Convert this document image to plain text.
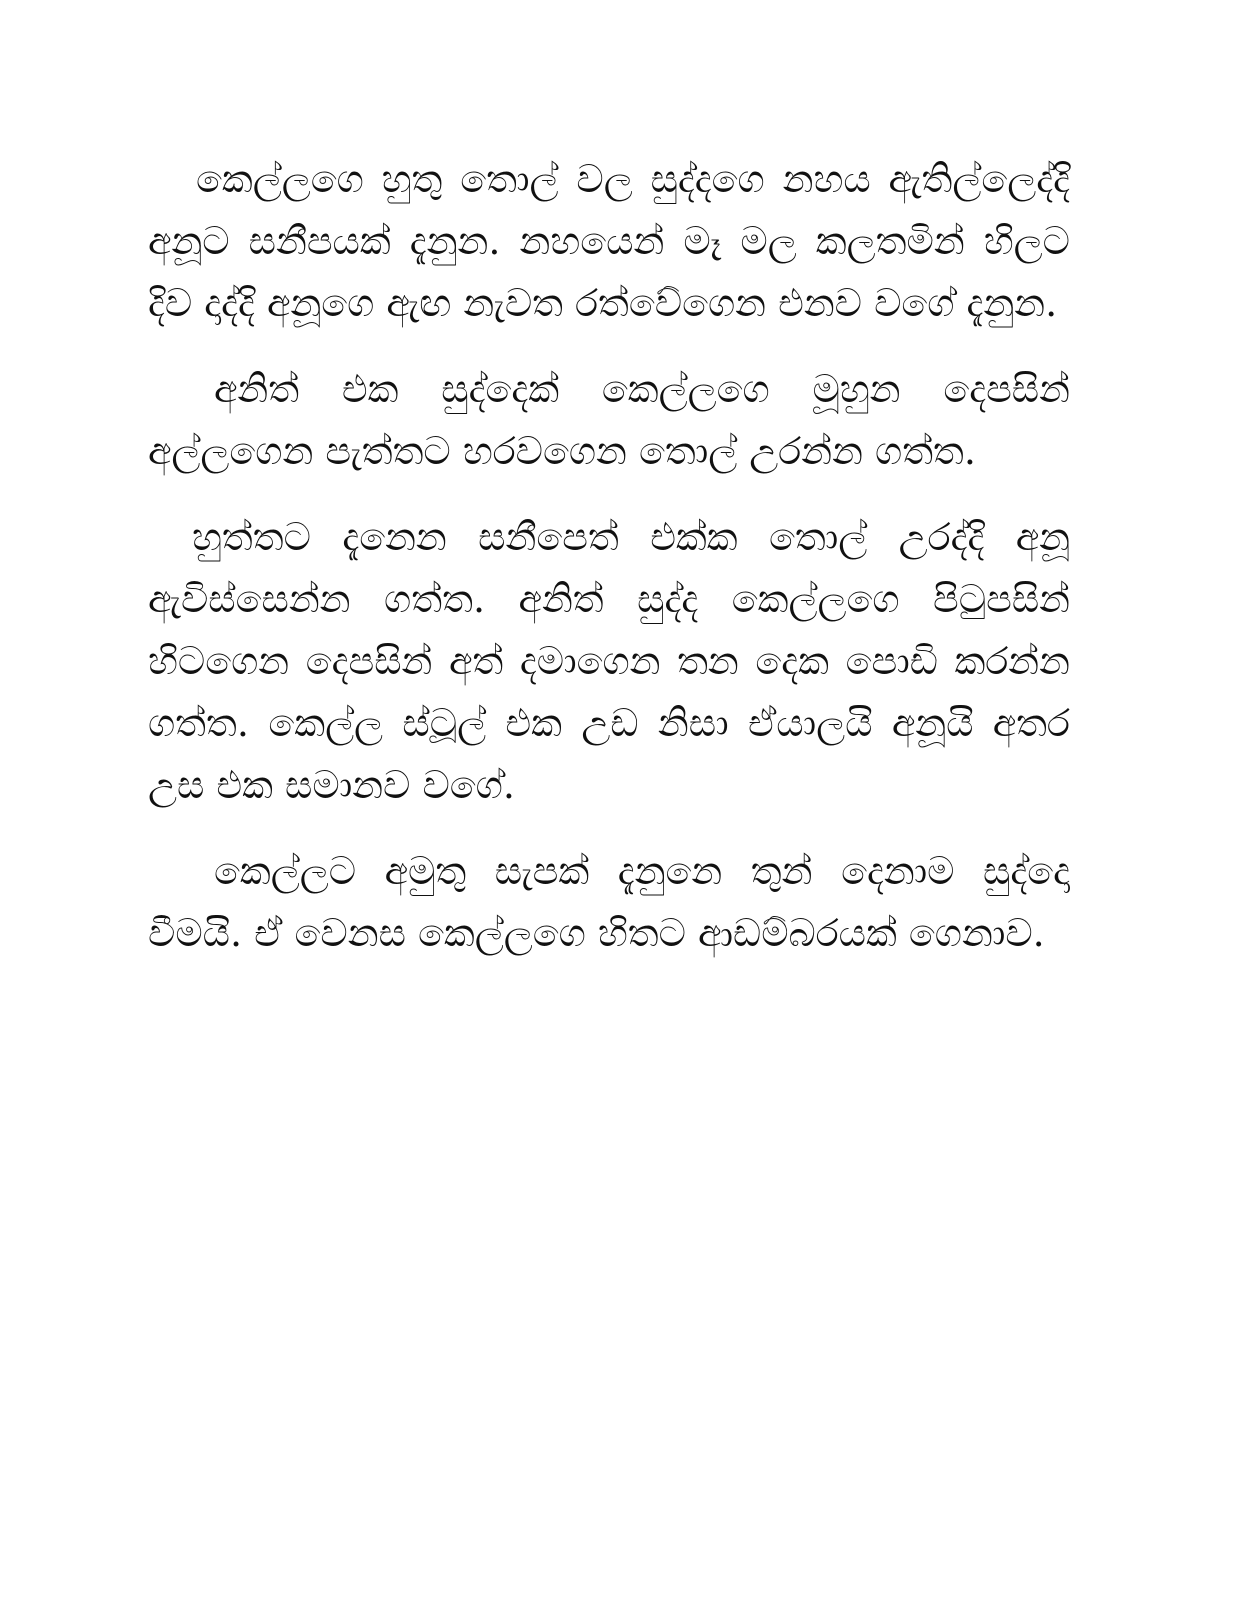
කෙල්ලගෙ හුතු තොල් වල සුද්දගෙ නහය ඇතිල්ලෙද්දි අනූට සනීපයක් දැනුන. නහයෙන් මෑ මල කලතමින් හිලට දිව දාද්දි අනූගෙ ඇඟ නැවත රත්වේගෙන එනව වගේ දැනුන.

අනිත් එක සුද්දෙක් කෙල්ලගෙ මූහුන දෙපසින් අල්ලගෙන පැත්තට හරවගෙන තොල් උරන්න ගත්ත.

හුත්තට දැනෙන සනීපෙත් එක්ක තොල් උරද්දි අනූ ඇවිස්සෙන්න ගත්ත. අනිත් සුද්ද කෙල්ලගෙ පිටුපසින් හිටගෙන දෙපසින් අත් දමාගෙන තන දෙක පොඩි කරන්න ගත්ත. කෙල්ල ස්ටූල් එක උඩ නිසා ඒයාලයි අනූයි අතර උස එක සමානව වගේ.

කෙල්ලට අමුතු සැපක් දැනුනෙ තුන් දෙනාම සුද්දො වීමයි. ඒ වෙනස කෙල්ලගෙ හිතට ආඩම්බරයක් ගෙනාව.
